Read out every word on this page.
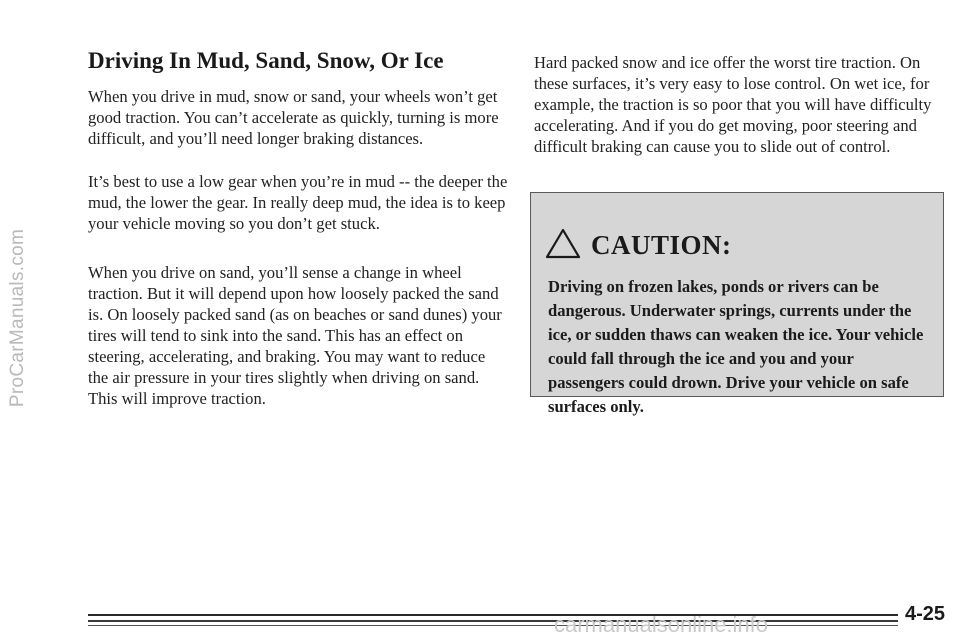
ProCarManuals.com
Driving In Mud, Sand, Snow, Or Ice

When you drive in mud, snow or sand, your wheels won’t get good traction. You can’t accelerate as quickly, turning is more difficult, and you’ll need longer braking distances.

It’s best to use a low gear when you’re in mud -- the deeper the mud, the lower the gear. In really deep mud, the idea is to keep your vehicle moving so you don’t get stuck.

When you drive on sand, you’ll sense a change in wheel traction. But it will depend upon how loosely packed the sand is. On loosely packed sand (as on beaches or sand dunes) your tires will tend to sink into the sand. This has an effect on steering, accelerating, and braking. You may want to reduce the air pressure in your tires slightly when driving on sand. This will improve traction.

Hard packed snow and ice offer the worst tire traction. On these surfaces, it’s very easy to lose control. On wet ice, for example, the traction is so poor that you will have difficulty accelerating. And if you do get moving, poor steering and difficult braking can cause you to slide out of control.

CAUTION:
Driving on frozen lakes, ponds or rivers can be dangerous. Underwater springs, currents under the ice, or sudden thaws can weaken the ice. Your vehicle could fall through the ice and you and your passengers could drown. Drive your vehicle on safe surfaces only.
carmanualsonline.info	4-25
